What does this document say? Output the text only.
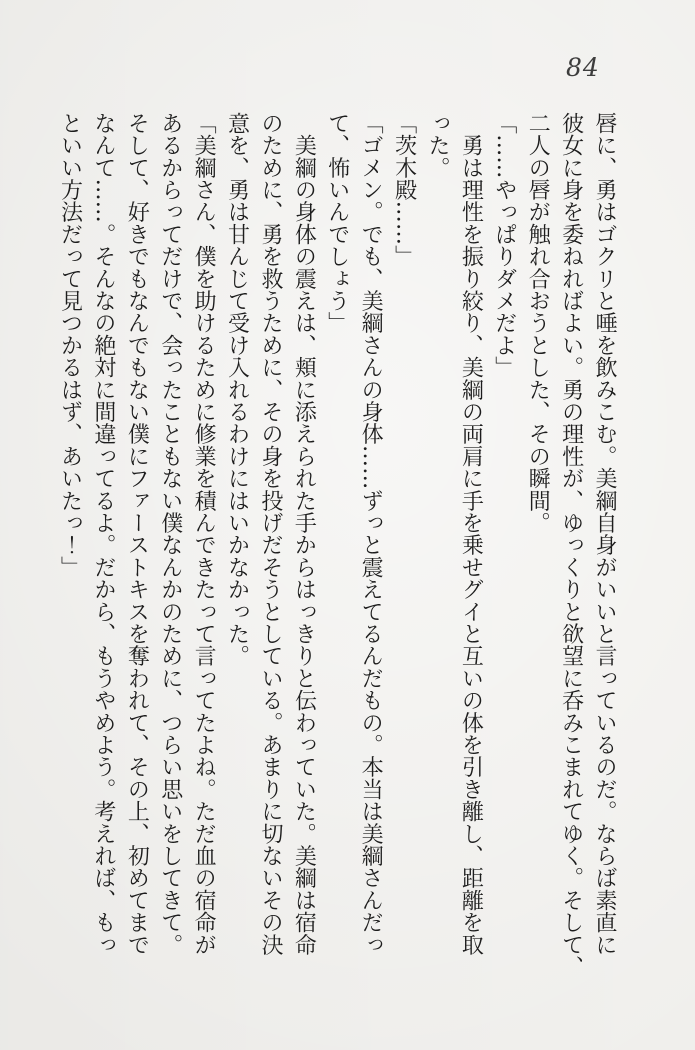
84

唇に、勇はゴクリと唾を飲みこむ。美綱自身がいいと言っているのだ。ならば素直に

彼女に身を委ねればよい。勇の理性が、ゆっくりと欲望に呑みこまれてゆく。そして、

二人の唇が触れ合おうとした、その瞬間。

「……やっぱりダメだよ」

　勇は理性を振り絞り、美綱の両肩に手を乗せグイと互いの体を引き離し、距離を取

った。

「茨木殿……」

「ゴメン。でも、美綱さんの身体……ずっと震えてるんだもの。本当は美綱さんだっ

て、怖いんでしょう」

　美綱の身体の震えは、頬に添えられた手からはっきりと伝わっていた。美綱は宿命

のために、勇を救うために、その身を投げだそうとしている。あまりに切ないその決

意を、勇は甘んじて受け入れるわけにはいかなかった。

「美綱さん、僕を助けるために修業を積んできたって言ってたよね。ただ血の宿命が

あるからってだけで、会ったこともない僕なんかのために、つらい思いをしてきて。

そして、好きでもなんでもない僕にファーストキスを奪われて、その上、初めてまで

なんて……。そんなの絶対に間違ってるよ。だから、もうやめよう。考えれば、もっ

といい方法だって見つかるはず、あいたっ！」
